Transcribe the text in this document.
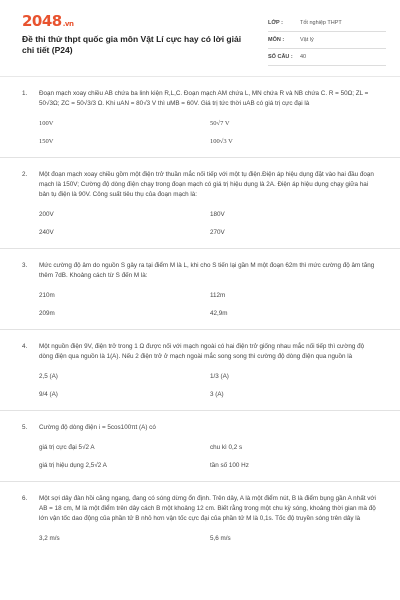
2048.vn
Đề thi thử thpt quốc gia môn Vật Lí cực hay có lời giải chi tiết (P24)
LỚP :	Tốt nghiệp THPT
MÔN :	Vật lý
SỐ CÂU :	40
1.	Đoạn mạch xoay chiều AB chứa ba linh kiện R,L,C. Đoạn mạch AM chứa L, MN chứa R và NB chứa C. R = 50Ω; ZL = 50√3Ω; ZC = 50√3/3 Ω. Khi uAN = 80√3 V thì uMB = 60V. Giá trị tức thời uAB có giá trị cực đại là
100V	50√7 V
150V	100√3 V
2.	Một đoạn mạch xoay chiều gồm một điện trở thuần mắc nối tiếp với một tụ điện.Điện áp hiệu dụng đặt vào hai đầu đoạn mạch là 150V; Cường độ dòng điện chạy trong đoạn mạch có giá trị hiệu dụng là 2A. Điện áp hiệu dụng chạy giữa hai bản tụ điện là 90V. Công suất tiêu thụ của đoạn mạch là:
200V	180V
240V	270V
3.	Mức cường độ âm do nguồn S gây ra tại điểm M là L, khi cho S tiến lại gần M một đoạn 62m thì mức cường độ âm tăng thêm 7dB. Khoảng cách từ S đến M là:
210m	112m
209m	42,9m
4.	Một nguồn điện 9V, điện trở trong 1 Ω được nối với mạch ngoài có hai điện trở giống nhau mắc nối tiếp thì cường độ dòng điện qua nguồn là 1(A). Nếu 2 điện trở ở mạch ngoài mắc song song thì cường độ dòng điện qua nguồn là
2,5 (A)	1/3 (A)
9/4 (A)	3 (A)
5.	Cường độ dòng điện i = 5cos100πt (A) có
giá trị cực đại 5√2 A	chu kì 0,2 s
giá trị hiệu dụng 2,5√2 A	tần số 100 Hz
6.	Một sợi dây đàn hồi căng ngang, đang có sóng dừng ổn định. Trên dây, A là một điểm nút, B là điểm bụng gần A nhất với AB = 18 cm, M là một điểm trên dây cách B một khoảng 12 cm. Biết rằng trong một chu kỳ sóng, khoảng thời gian mà độ lớn vận tốc dao động của phần tử B nhỏ hơn vận tốc cực đại của phần tử M là 0,1s. Tốc độ truyền sóng trên dây là
3,2 m/s	5,6 m/s
